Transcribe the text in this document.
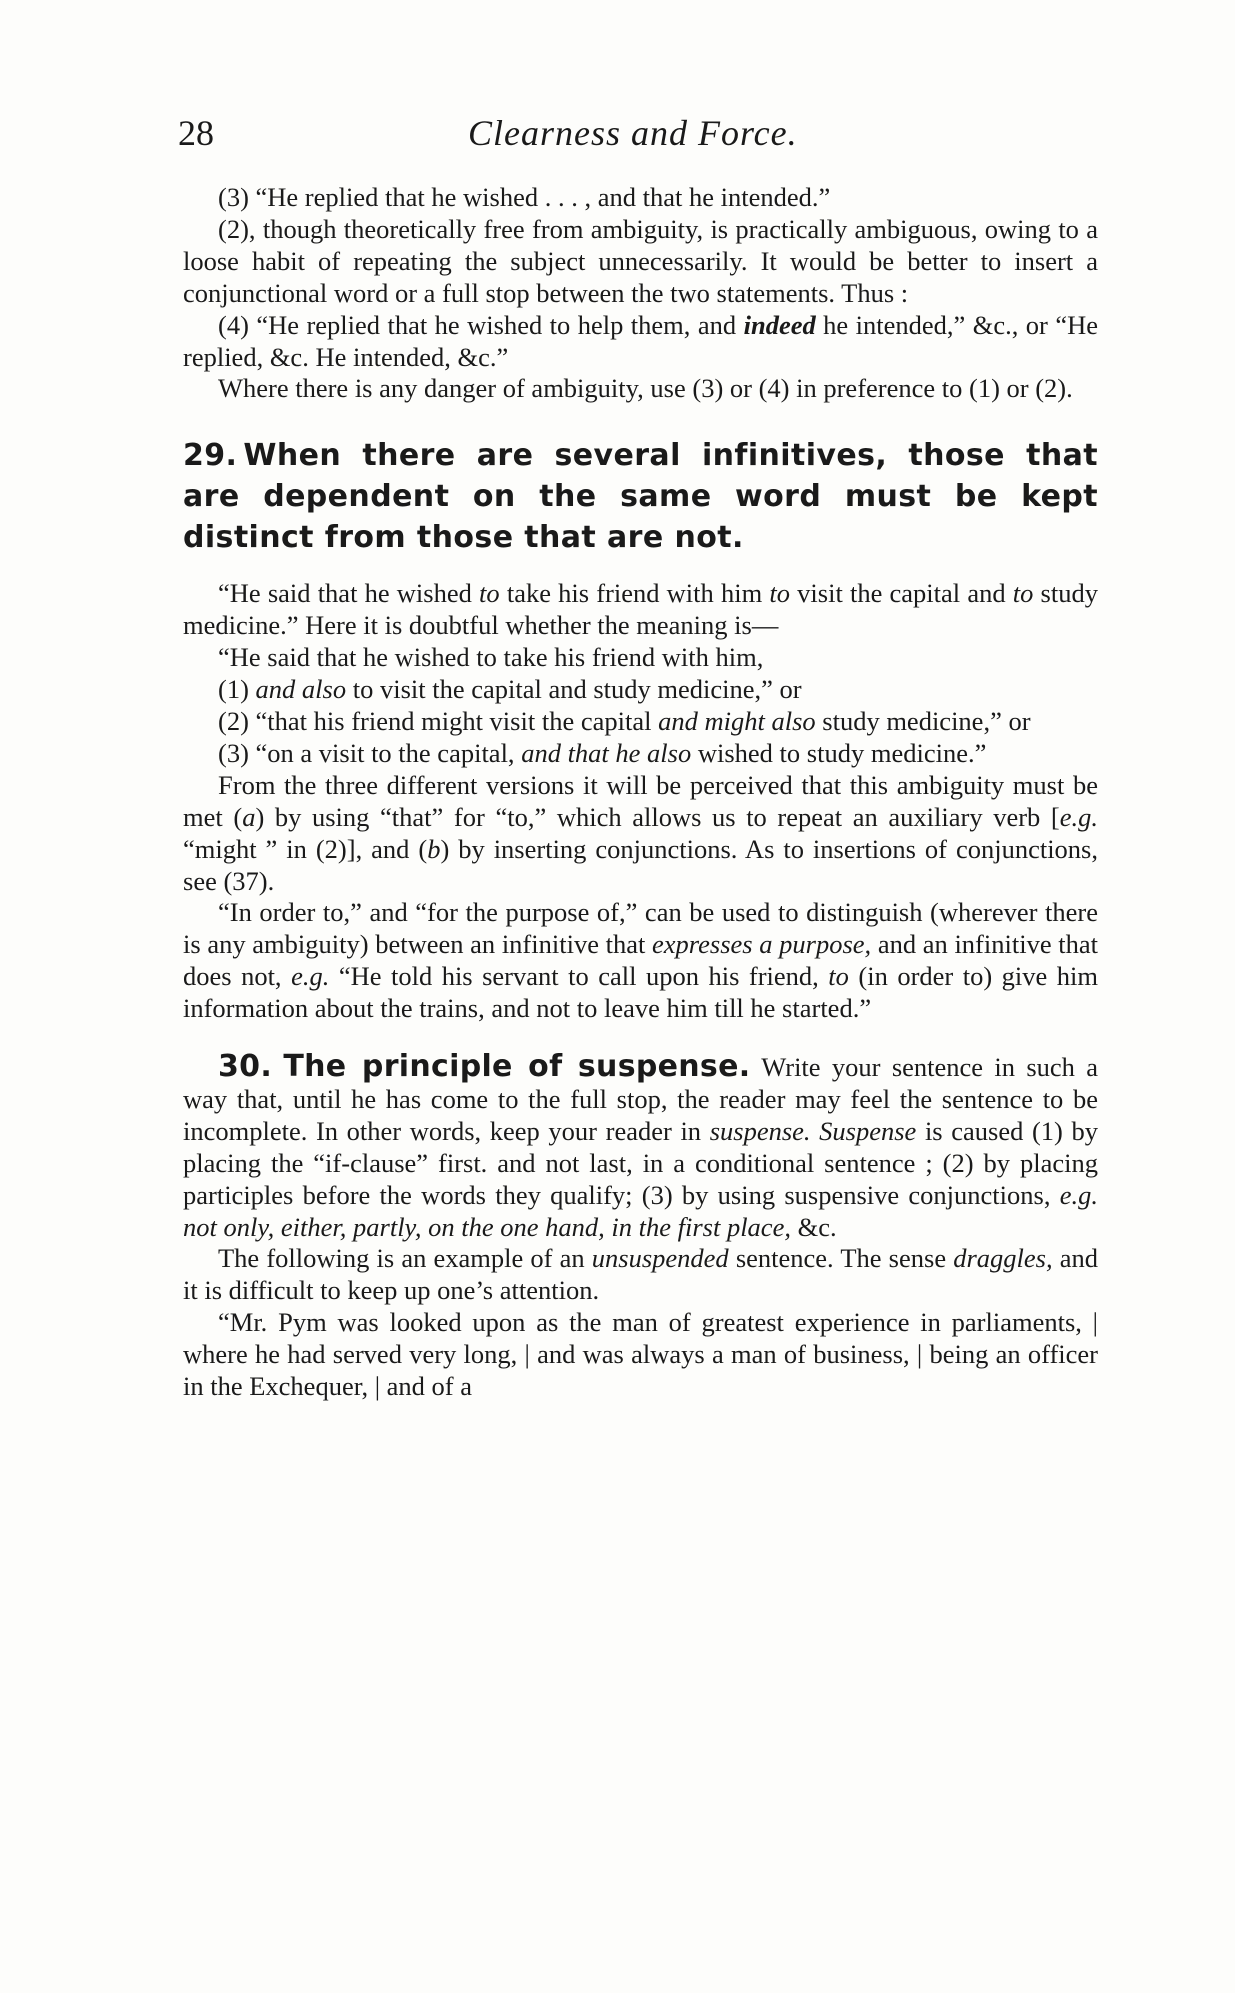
28	Clearness and Force.

(3) “He replied that he wished . . . , and that he intended.”

(2), though theoretically free from ambiguity, is practically ambiguous, owing to a loose habit of repeating the subject unnecessarily. It would be better to insert a conjunctional word or a full stop between the two statements. Thus :

(4) “He replied that he wished to help them, and indeed he intended,” &c., or “He replied, &c. He intended, &c.”

Where there is any danger of ambiguity, use (3) or (4) in preference to (1) or (2).

29. When there are several infinitives, those that are dependent on the same word must be kept distinct from those that are not.

“He said that he wished to take his friend with him to visit the capital and to study medicine.” Here it is doubtful whether the meaning is—

“He said that he wished to take his friend with him,

(1) and also to visit the capital and study medicine,” or

(2) “that his friend might visit the capital and might also study medicine,” or

(3) “on a visit to the capital, and that he also wished to study medicine.”

From the three different versions it will be perceived that this ambiguity must be met (a) by using “that” for “to,” which allows us to repeat an auxiliary verb [e.g. “might ” in (2)], and (b) by inserting conjunctions. As to insertions of conjunctions, see (37).

“In order to,” and “for the purpose of,” can be used to distinguish (wherever there is any ambiguity) between an infinitive that expresses a purpose, and an infinitive that does not, e.g. “He told his servant to call upon his friend, to (in order to) give him information about the trains, and not to leave him till he started.”

30. The principle of suspense. Write your sentence in such a way that, until he has come to the full stop, the reader may feel the sentence to be incomplete. In other words, keep your reader in suspense. Suspense is caused (1) by placing the “if-clause” first. and not last, in a conditional sentence ; (2) by placing participles before the words they qualify; (3) by using suspensive conjunctions, e.g. not only, either, partly, on the one hand, in the first place, &c.

The following is an example of an unsuspended sentence. The sense draggles, and it is difficult to keep up one’s attention.

“Mr. Pym was looked upon as the man of greatest experience in parliaments, | where he had served very long, | and was always a man of business, | being an officer in the Exchequer, | and of a
